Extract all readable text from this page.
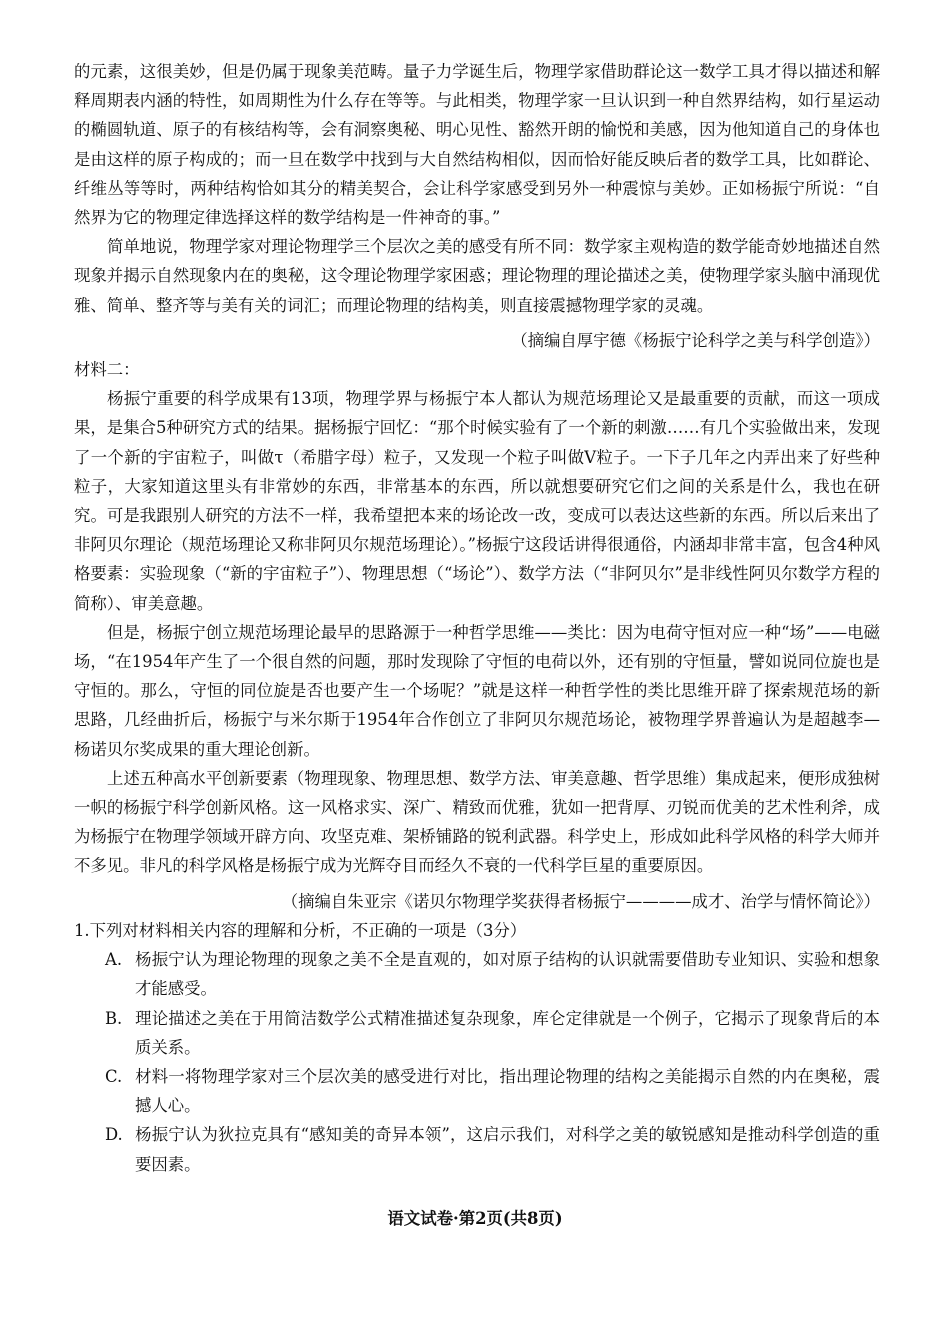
的元素，这很美妙，但是仍属于现象美范畴。量子力学诞生后，物理学家借助群论这一数学工具才得以描述和解释周期表内涵的特性，如周期性为什么存在等等。与此相类，物理学家一旦认识到一种自然界结构，如行星运动的椭圆轨道、原子的有核结构等，会有洞察奥秘、明心见性、豁然开朗的愉悦和美感，因为他知道自己的身体也是由这样的原子构成的；而一旦在数学中找到与大自然结构相似，因而恰好能反映后者的数学工具，比如群论、纤维丛等等时，两种结构恰如其分的精美契合，会让科学家感受到另外一种震惊与美妙。正如杨振宁所说：“自然界为它的物理定律选择这样的数学结构是一件神奇的事。”

简单地说，物理学家对理论物理学三个层次之美的感受有所不同：数学家主观构造的数学能奇妙地描述自然现象并揭示自然现象内在的奥秘，这令理论物理学家困惑；理论物理的理论描述之美，使物理学家头脑中涌现优雅、简单、整齐等与美有关的词汇；而理论物理的结构美，则直接震撼物理学家的灵魂。

（摘编自厚宇德《杨振宁论科学之美与科学创造》）

材料二：

杨振宁重要的科学成果有13项，物理学界与杨振宁本人都认为规范场理论又是最重要的贡献，而这一项成果，是集合5种研究方式的结果。据杨振宁回忆：“那个时候实验有了一个新的刺激……有几个实验做出来，发现了一个新的宇宙粒子，叫做τ（希腊字母）粒子，又发现一个粒子叫做V粒子。一下子几年之内弄出来了好些种粒子，大家知道这里头有非常妙的东西，非常基本的东西，所以就想要研究它们之间的关系是什么，我也在研究。可是我跟别人研究的方法不一样，我希望把本来的场论改一改，变成可以表达这些新的东西。所以后来出了非阿贝尔理论（规范场理论又称非阿贝尔规范场理论）。”杨振宁这段话讲得很通俗，内涵却非常丰富，包含4种风格要素：实验现象（“新的宇宙粒子”）、物理思想（“场论”）、数学方法（“非阿贝尔”是非线性阿贝尔数学方程的简称）、审美意趣。

但是，杨振宁创立规范场理论最早的思路源于一种哲学思维——类比：因为电荷守恒对应一种“场”——电磁场，“在1954年产生了一个很自然的问题，那时发现除了守恒的电荷以外，还有别的守恒量，譬如说同位旋也是守恒的。那么，守恒的同位旋是否也要产生一个场呢？”就是这样一种哲学性的类比思维开辟了探索规范场的新思路，几经曲折后，杨振宁与米尔斯于1954年合作创立了非阿贝尔规范场论，被物理学界普遍认为是超越李—杨诺贝尔奖成果的重大理论创新。

上述五种高水平创新要素（物理现象、物理思想、数学方法、审美意趣、哲学思维）集成起来，便形成独树一帜的杨振宁科学创新风格。这一风格求实、深广、精致而优雅，犹如一把背厚、刃锐而优美的艺术性利斧，成为杨振宁在物理学领域开辟方向、攻坚克难、架桥铺路的锐利武器。科学史上，形成如此科学风格的科学大师并不多见。非凡的科学风格是杨振宁成为光辉夺目而经久不衰的一代科学巨星的重要原因。

（摘编自朱亚宗《诺贝尔物理学奖获得者杨振宁————成才、治学与情怀简论》）

1.下列对材料相关内容的理解和分析，不正确的一项是（3分）

A. 杨振宁认为理论物理的现象之美不全是直观的，如对原子结构的认识就需要借助专业知识、实验和想象才能感受。

B. 理论描述之美在于用简洁数学公式精准描述复杂现象，库仑定律就是一个例子，它揭示了现象背后的本质关系。

C. 材料一将物理学家对三个层次美的感受进行对比，指出理论物理的结构之美能揭示自然的内在奥秘，震撼人心。

D. 杨振宁认为狄拉克具有“感知美的奇异本领”，这启示我们，对科学之美的敏锐感知是推动科学创造的重要因素。

语文试卷·第2页(共8页)
